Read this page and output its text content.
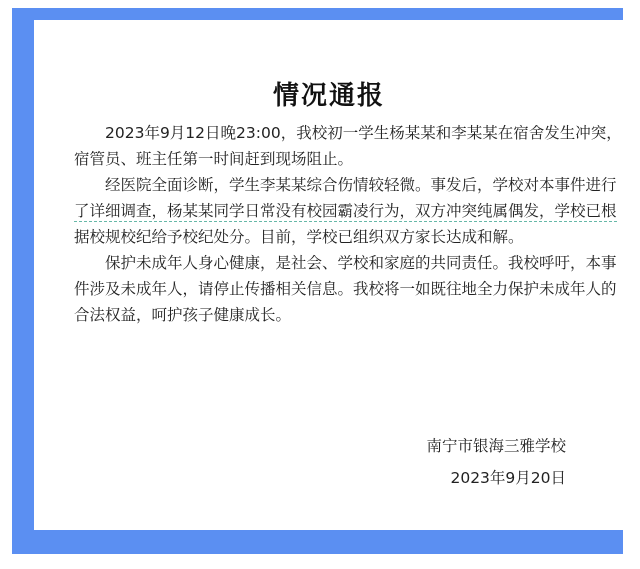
情况通报

2023年9月12日晚23:00，我校初一学生杨某某和李某某在宿舍发生冲突，
宿管员、班主任第一时间赶到现场阻止。

经医院全面诊断，学生李某某综合伤情较轻微。事发后，学校对本事件进行
了详细调查，杨某某同学日常没有校园霸凌行为，双方冲突纯属偶发，学校已根
据校规校纪给予校纪处分。目前，学校已组织双方家长达成和解。

保护未成年人身心健康，是社会、学校和家庭的共同责任。我校呼吁，本事
件涉及未成年人，请停止传播相关信息。我校将一如既往地全力保护未成年人的
合法权益，呵护孩子健康成长。

南宁市银海三雅学校
2023年9月20日
